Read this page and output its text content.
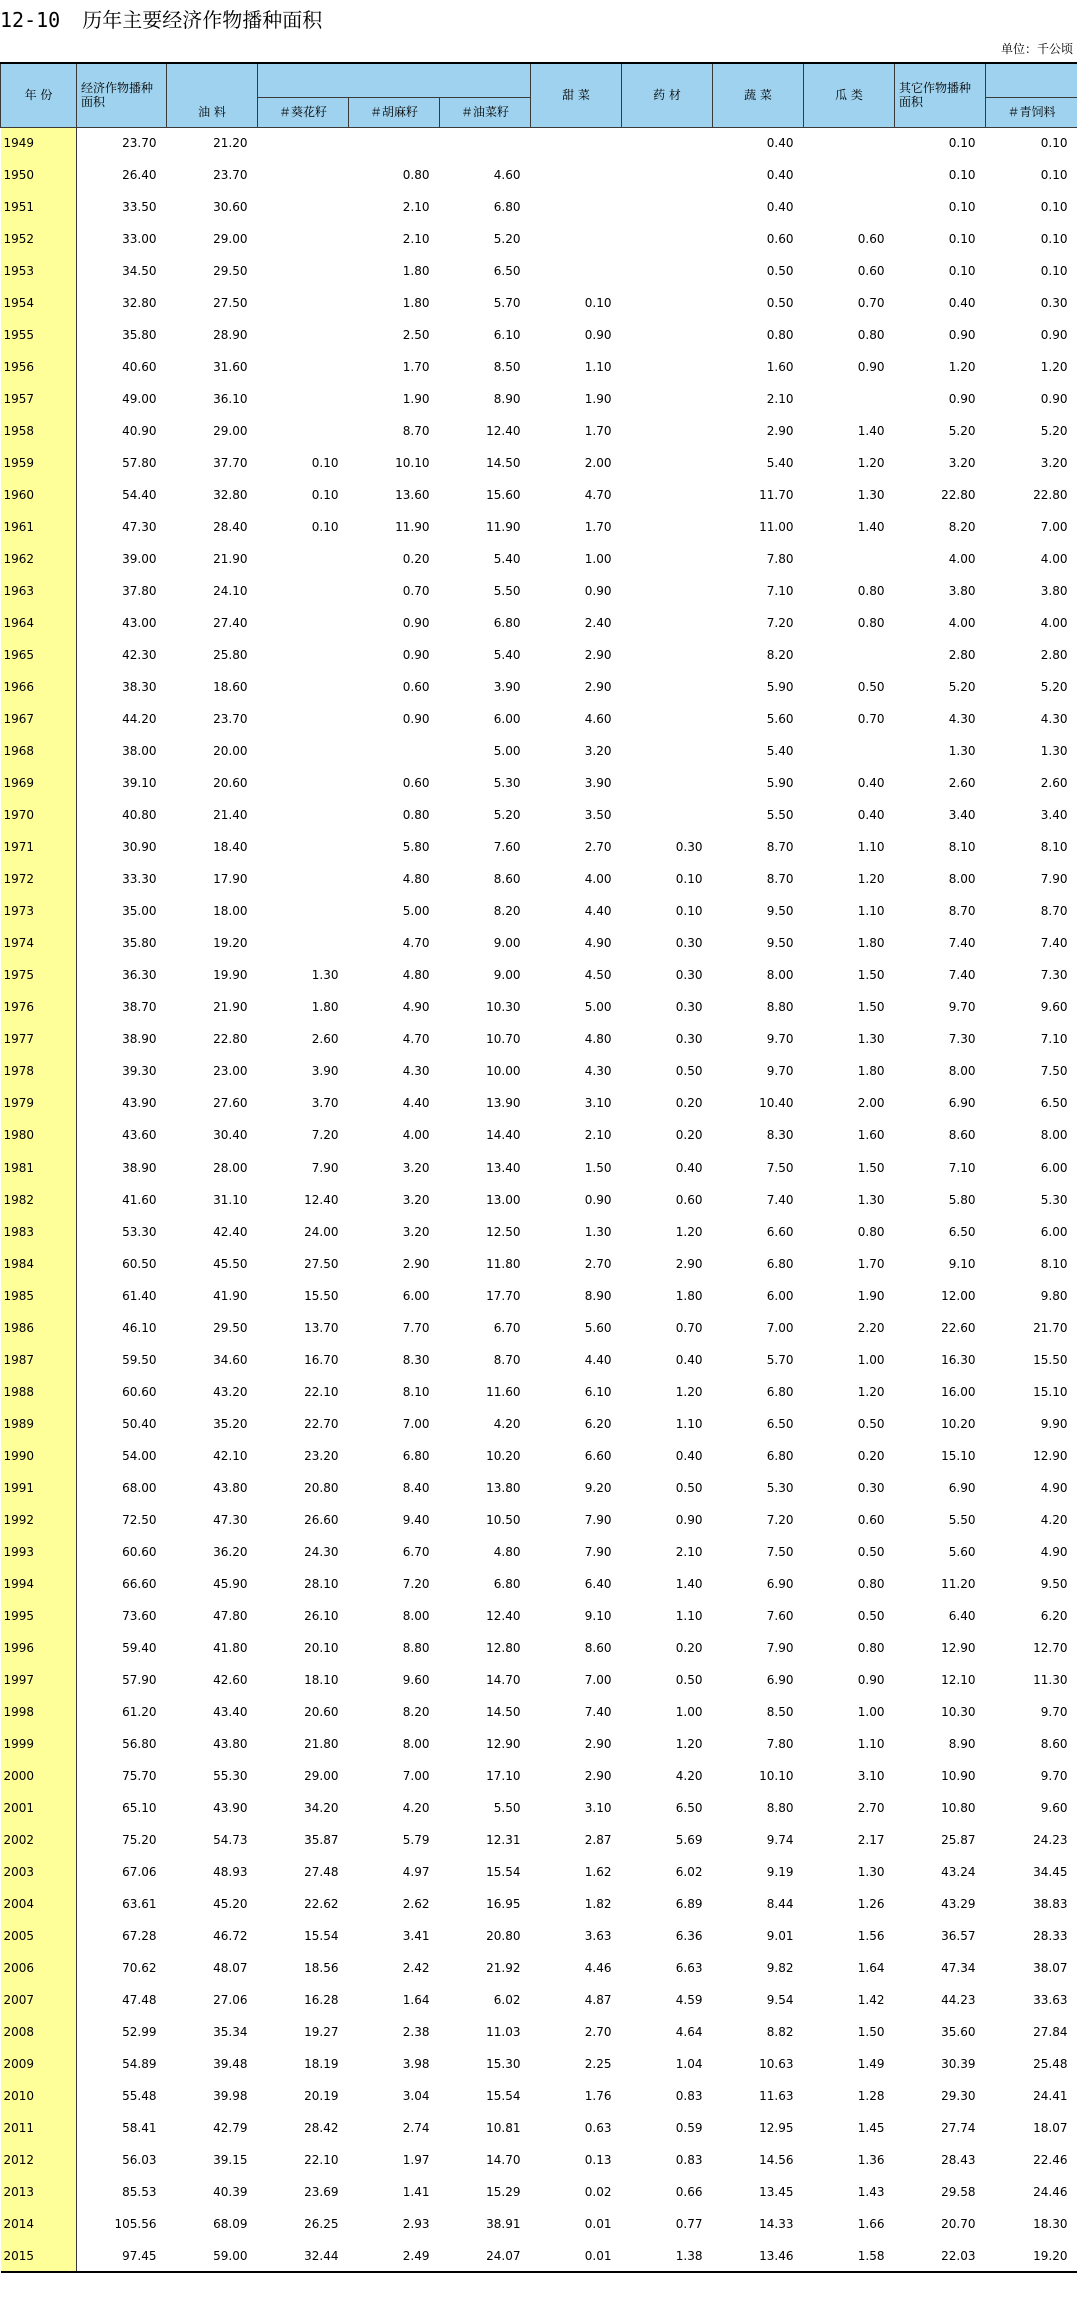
12-10 历年主要经济作物播种面积
单位：千公顷
年 份	经济作物播种面积					甜 菜	药 材	蔬 菜	瓜 类	其它作物播种面积	
		油 料	＃葵花籽	＃胡麻籽	＃油菜籽						＃青饲料
1949	23.70	21.20						0.40		0.10	0.10
1950	26.40	23.70		0.80	4.60			0.40		0.10	0.10
1951	33.50	30.60		2.10	6.80			0.40		0.10	0.10
1952	33.00	29.00		2.10	5.20			0.60	0.60	0.10	0.10
1953	34.50	29.50		1.80	6.50			0.50	0.60	0.10	0.10
1954	32.80	27.50		1.80	5.70	0.10		0.50	0.70	0.40	0.30
1955	35.80	28.90		2.50	6.10	0.90		0.80	0.80	0.90	0.90
1956	40.60	31.60		1.70	8.50	1.10		1.60	0.90	1.20	1.20
1957	49.00	36.10		1.90	8.90	1.90		2.10		0.90	0.90
1958	40.90	29.00		8.70	12.40	1.70		2.90	1.40	5.20	5.20
1959	57.80	37.70	0.10	10.10	14.50	2.00		5.40	1.20	3.20	3.20
1960	54.40	32.80	0.10	13.60	15.60	4.70		11.70	1.30	22.80	22.80
1961	47.30	28.40	0.10	11.90	11.90	1.70		11.00	1.40	8.20	7.00
1962	39.00	21.90		0.20	5.40	1.00		7.80		4.00	4.00
1963	37.80	24.10		0.70	5.50	0.90		7.10	0.80	3.80	3.80
1964	43.00	27.40		0.90	6.80	2.40		7.20	0.80	4.00	4.00
1965	42.30	25.80		0.90	5.40	2.90		8.20		2.80	2.80
1966	38.30	18.60		0.60	3.90	2.90		5.90	0.50	5.20	5.20
1967	44.20	23.70		0.90	6.00	4.60		5.60	0.70	4.30	4.30
1968	38.00	20.00			5.00	3.20		5.40		1.30	1.30
1969	39.10	20.60		0.60	5.30	3.90		5.90	0.40	2.60	2.60
1970	40.80	21.40		0.80	5.20	3.50		5.50	0.40	3.40	3.40
1971	30.90	18.40		5.80	7.60	2.70	0.30	8.70	1.10	8.10	8.10
1972	33.30	17.90		4.80	8.60	4.00	0.10	8.70	1.20	8.00	7.90
1973	35.00	18.00		5.00	8.20	4.40	0.10	9.50	1.10	8.70	8.70
1974	35.80	19.20		4.70	9.00	4.90	0.30	9.50	1.80	7.40	7.40
1975	36.30	19.90	1.30	4.80	9.00	4.50	0.30	8.00	1.50	7.40	7.30
1976	38.70	21.90	1.80	4.90	10.30	5.00	0.30	8.80	1.50	9.70	9.60
1977	38.90	22.80	2.60	4.70	10.70	4.80	0.30	9.70	1.30	7.30	7.10
1978	39.30	23.00	3.90	4.30	10.00	4.30	0.50	9.70	1.80	8.00	7.50
1979	43.90	27.60	3.70	4.40	13.90	3.10	0.20	10.40	2.00	6.90	6.50
1980	43.60	30.40	7.20	4.00	14.40	2.10	0.20	8.30	1.60	8.60	8.00
1981	38.90	28.00	7.90	3.20	13.40	1.50	0.40	7.50	1.50	7.10	6.00
1982	41.60	31.10	12.40	3.20	13.00	0.90	0.60	7.40	1.30	5.80	5.30
1983	53.30	42.40	24.00	3.20	12.50	1.30	1.20	6.60	0.80	6.50	6.00
1984	60.50	45.50	27.50	2.90	11.80	2.70	2.90	6.80	1.70	9.10	8.10
1985	61.40	41.90	15.50	6.00	17.70	8.90	1.80	6.00	1.90	12.00	9.80
1986	46.10	29.50	13.70	7.70	6.70	5.60	0.70	7.00	2.20	22.60	21.70
1987	59.50	34.60	16.70	8.30	8.70	4.40	0.40	5.70	1.00	16.30	15.50
1988	60.60	43.20	22.10	8.10	11.60	6.10	1.20	6.80	1.20	16.00	15.10
1989	50.40	35.20	22.70	7.00	4.20	6.20	1.10	6.50	0.50	10.20	9.90
1990	54.00	42.10	23.20	6.80	10.20	6.60	0.40	6.80	0.20	15.10	12.90
1991	68.00	43.80	20.80	8.40	13.80	9.20	0.50	5.30	0.30	6.90	4.90
1992	72.50	47.30	26.60	9.40	10.50	7.90	0.90	7.20	0.60	5.50	4.20
1993	60.60	36.20	24.30	6.70	4.80	7.90	2.10	7.50	0.50	5.60	4.90
1994	66.60	45.90	28.10	7.20	6.80	6.40	1.40	6.90	0.80	11.20	9.50
1995	73.60	47.80	26.10	8.00	12.40	9.10	1.10	7.60	0.50	6.40	6.20
1996	59.40	41.80	20.10	8.80	12.80	8.60	0.20	7.90	0.80	12.90	12.70
1997	57.90	42.60	18.10	9.60	14.70	7.00	0.50	6.90	0.90	12.10	11.30
1998	61.20	43.40	20.60	8.20	14.50	7.40	1.00	8.50	1.00	10.30	9.70
1999	56.80	43.80	21.80	8.00	12.90	2.90	1.20	7.80	1.10	8.90	8.60
2000	75.70	55.30	29.00	7.00	17.10	2.90	4.20	10.10	3.10	10.90	9.70
2001	65.10	43.90	34.20	4.20	5.50	3.10	6.50	8.80	2.70	10.80	9.60
2002	75.20	54.73	35.87	5.79	12.31	2.87	5.69	9.74	2.17	25.87	24.23
2003	67.06	48.93	27.48	4.97	15.54	1.62	6.02	9.19	1.30	43.24	34.45
2004	63.61	45.20	22.62	2.62	16.95	1.82	6.89	8.44	1.26	43.29	38.83
2005	67.28	46.72	15.54	3.41	20.80	3.63	6.36	9.01	1.56	36.57	28.33
2006	70.62	48.07	18.56	2.42	21.92	4.46	6.63	9.82	1.64	47.34	38.07
2007	47.48	27.06	16.28	1.64	6.02	4.87	4.59	9.54	1.42	44.23	33.63
2008	52.99	35.34	19.27	2.38	11.03	2.70	4.64	8.82	1.50	35.60	27.84
2009	54.89	39.48	18.19	3.98	15.30	2.25	1.04	10.63	1.49	30.39	25.48
2010	55.48	39.98	20.19	3.04	15.54	1.76	0.83	11.63	1.28	29.30	24.41
2011	58.41	42.79	28.42	2.74	10.81	0.63	0.59	12.95	1.45	27.74	18.07
2012	56.03	39.15	22.10	1.97	14.70	0.13	0.83	14.56	1.36	28.43	22.46
2013	85.53	40.39	23.69	1.41	15.29	0.02	0.66	13.45	1.43	29.58	24.46
2014	105.56	68.09	26.25	2.93	38.91	0.01	0.77	14.33	1.66	20.70	18.30
2015	97.45	59.00	32.44	2.49	24.07	0.01	1.38	13.46	1.58	22.03	19.20
